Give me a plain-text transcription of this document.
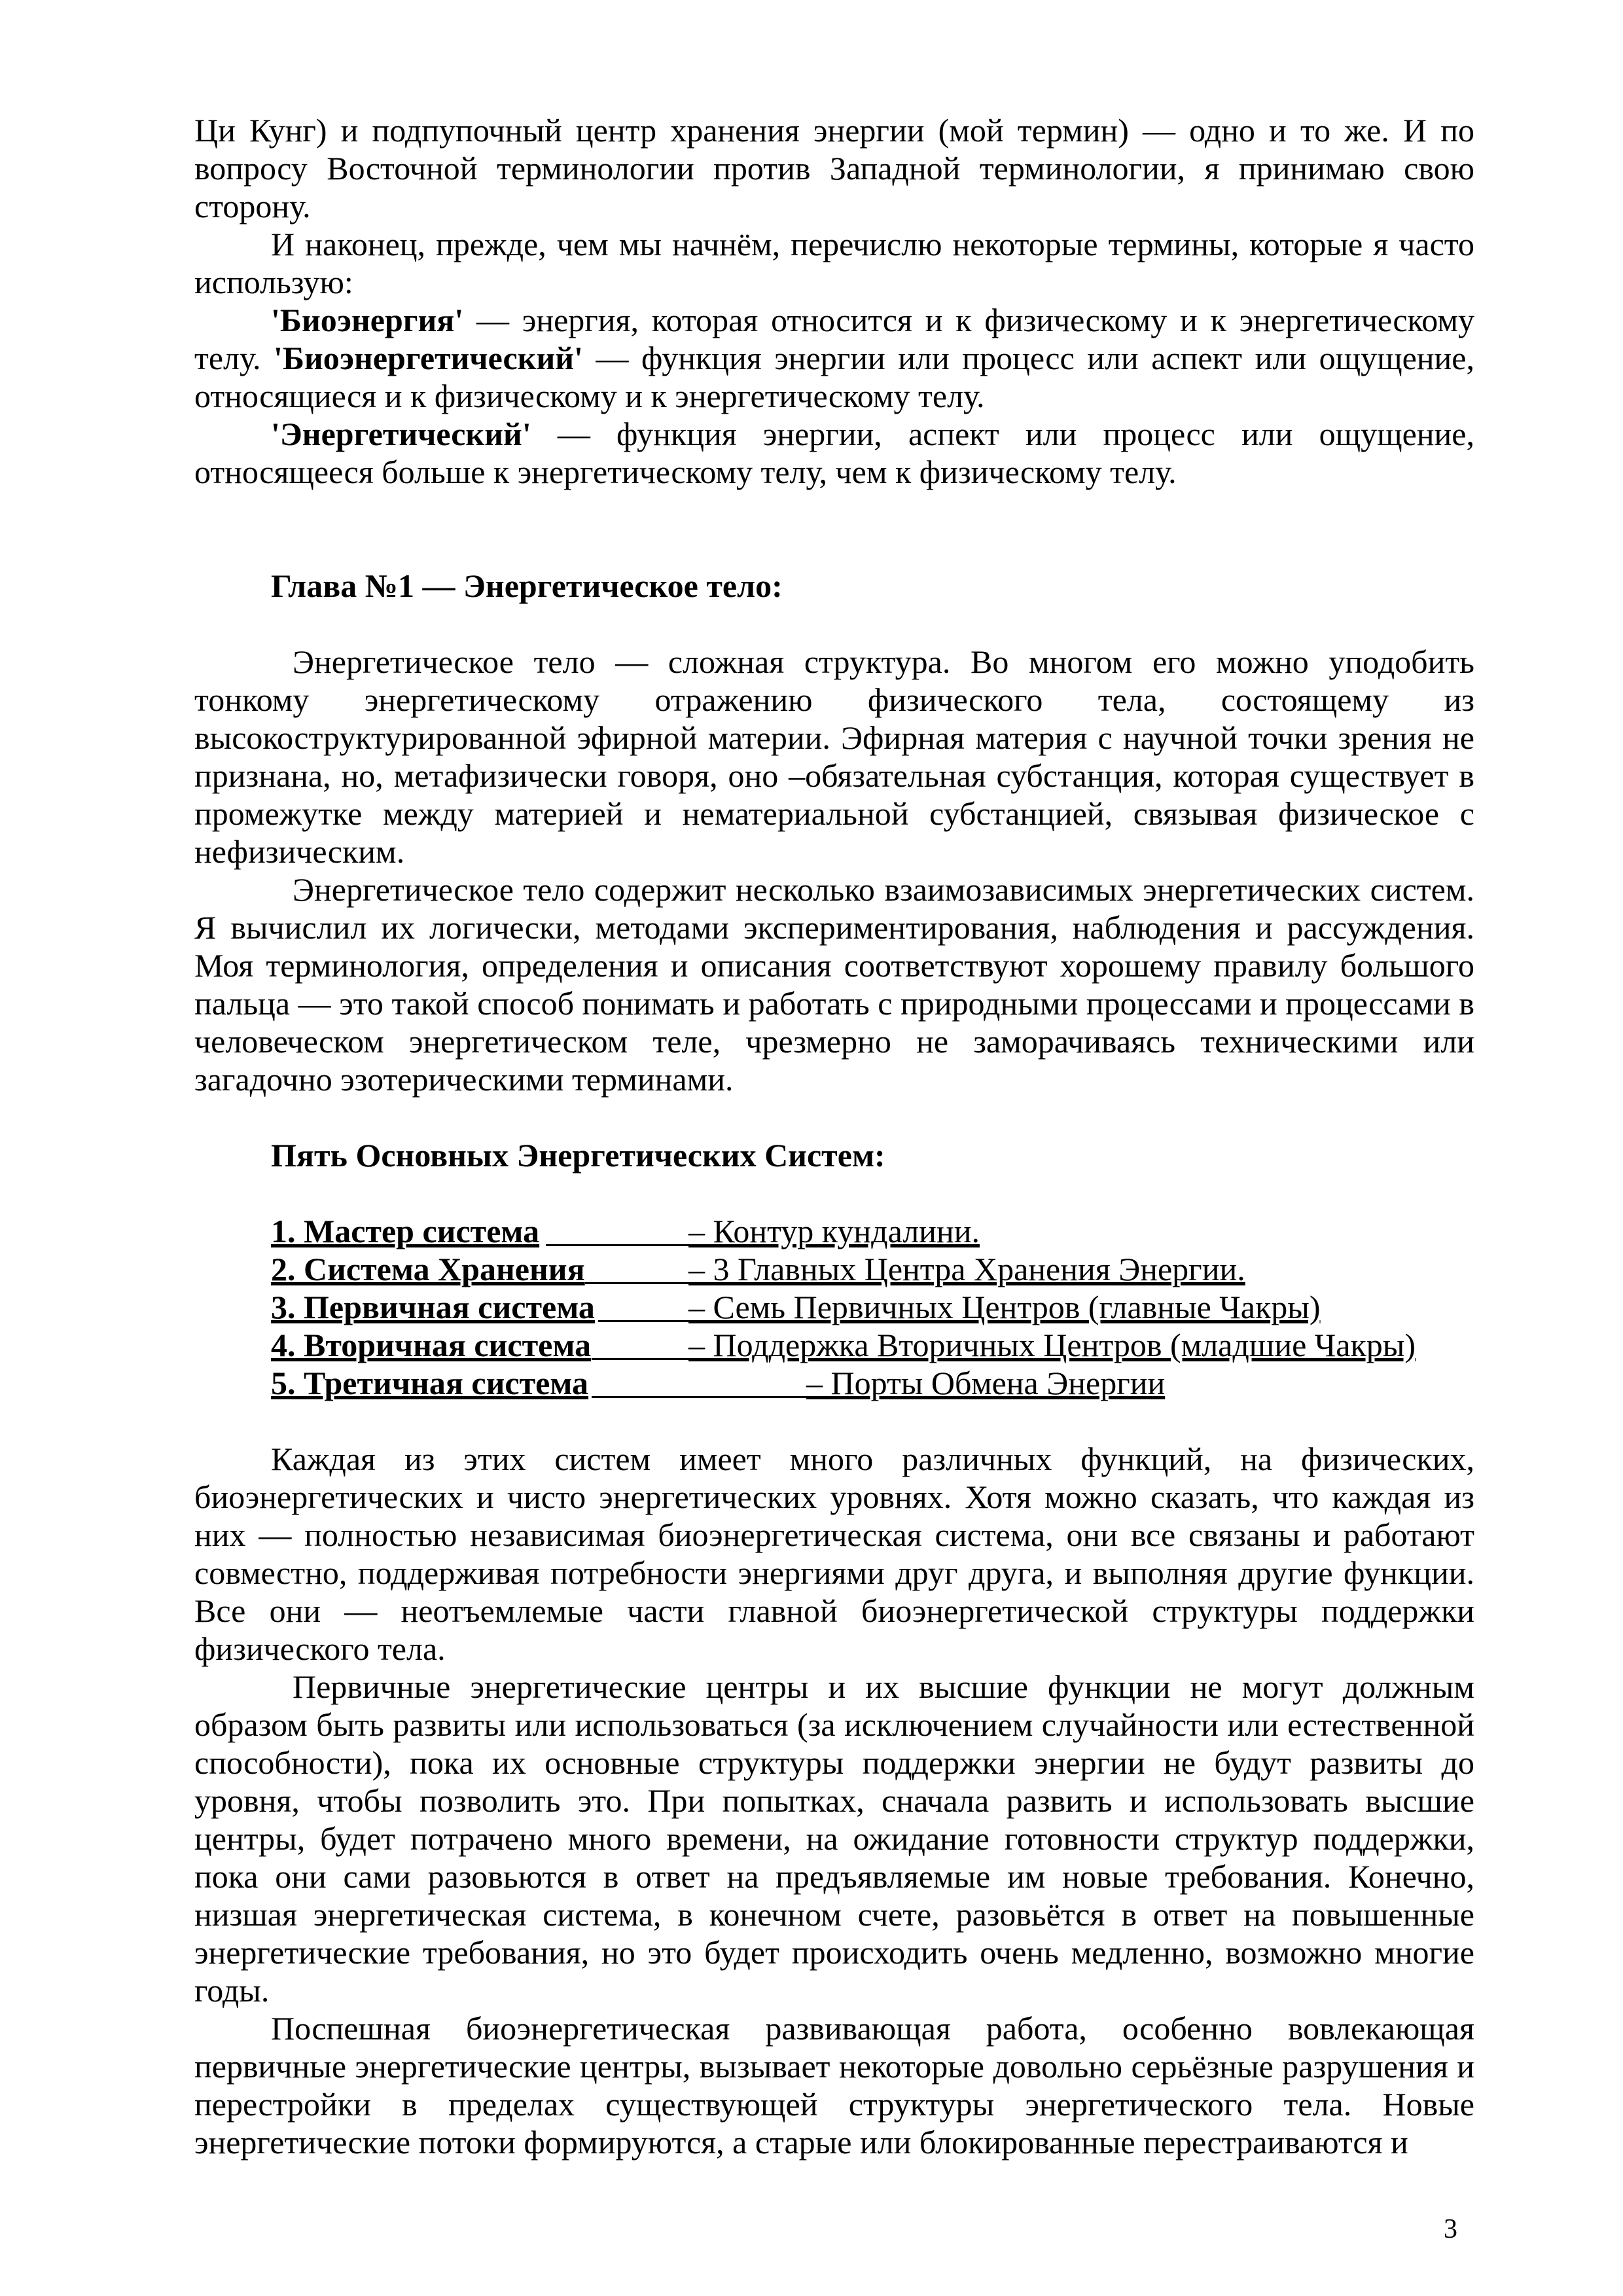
Ци Кунг) и подпупочный центр хранения энергии (мой термин) — одно и то же. И по вопросу Восточной терминологии против Западной терминологии, я принимаю свою сторону.

И наконец, прежде, чем мы начнём, перечислю некоторые термины, которые я часто использую:

'Биоэнергия' — энергия, которая относится и к физическому и к энергетическому телу. 'Биоэнергетический' — функция энергии или процесс или аспект или ощущение, относящиеся и к физическому и к энергетическому телу.

'Энергетический' — функция энергии, аспект или процесс или ощущение, относящееся больше к энергетическому телу, чем к физическому телу.

Глава №1 — Энергетическое тело:

Энергетическое тело — сложная структура. Во многом его можно уподобить тонкому энергетическому отражению физического тела, состоящему из высокоструктурированной эфирной материи. Эфирная материя с научной точки зрения не признана, но, метафизически говоря, оно –обязательная субстанция, которая существует в промежутке между материей и нематериальной субстанцией, связывая физическое с нефизическим.

Энергетическое тело содержит несколько взаимозависимых энергетических систем. Я вычислил их логически, методами экспериментирования, наблюдения и рассуждения. Моя терминология, определения и описания соответствуют хорошему правилу большого пальца — это такой способ понимать и работать с природными процессами и процессами в человеческом энергетическом теле, чрезмерно не заморачиваясь техническими или загадочно эзотерическими терминами.

Пять Основных Энергетических Систем:

1. Мастер система	– Контур кундалини.
2. Система Хранения	– 3 Главных Центра Хранения Энергии.
3. Первичная система	– Семь Первичных Центров (главные Чакры)
4. Вторичная система	– Поддержка Вторичных Центров (младшие Чакры)
5. Третичная система	– Порты Обмена Энергии

Каждая из этих систем имеет много различных функций, на физических, биоэнергетических и чисто энергетических уровнях. Хотя можно сказать, что каждая из них — полностью независимая биоэнергетическая система, они все связаны и работают совместно, поддерживая потребности энергиями друг друга, и выполняя другие функции. Все они — неотъемлемые части главной биоэнергетической структуры поддержки физического тела.

Первичные энергетические центры и их высшие функции не могут должным образом быть развиты или использоваться (за исключением случайности или естественной способности), пока их основные структуры поддержки энергии не будут развиты до уровня, чтобы позволить это. При попытках, сначала развить и использовать высшие центры, будет потрачено много времени, на ожидание готовности структур поддержки, пока они сами разовьются в ответ на предъявляемые им новые требования. Конечно, низшая энергетическая система, в конечном счете, разовьётся в ответ на повышенные энергетические требования, но это будет происходить очень медленно, возможно многие годы.

Поспешная биоэнергетическая развивающая работа, особенно вовлекающая первичные энергетические центры, вызывает некоторые довольно серьёзные разрушения и перестройки в пределах существующей структуры энергетического тела. Новые энергетические потоки формируются, а старые или блокированные перестраиваются и

3
